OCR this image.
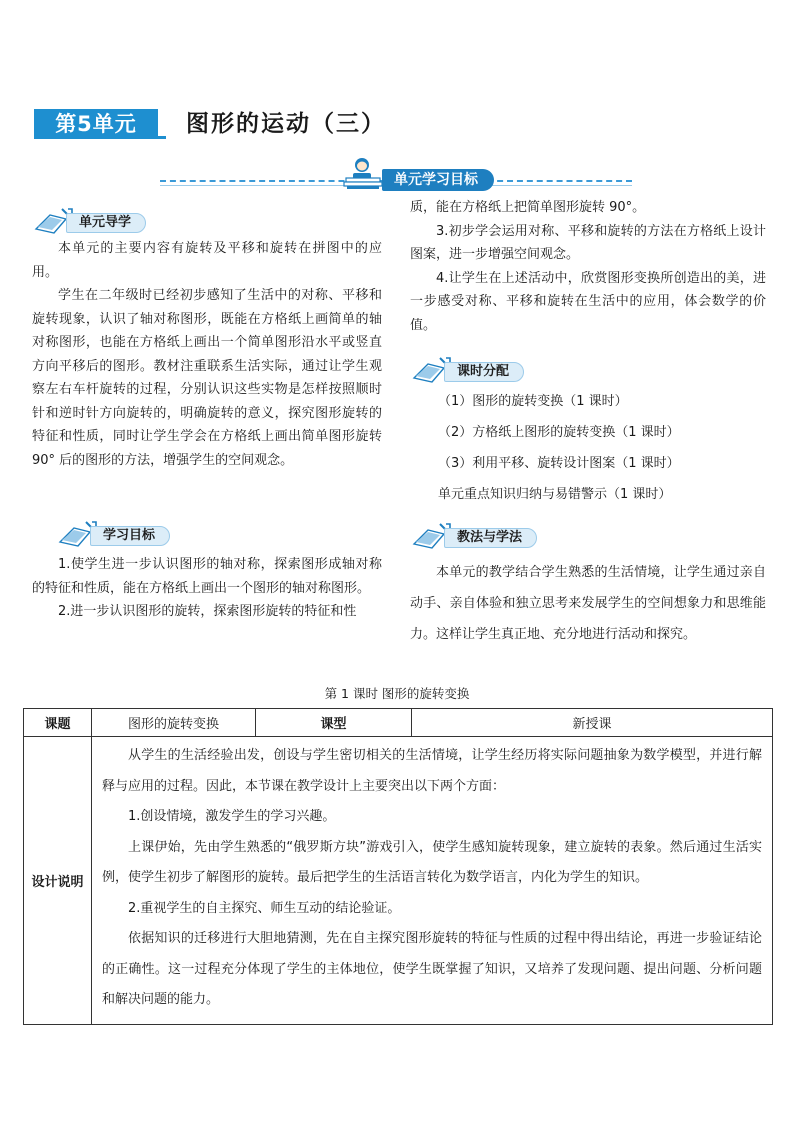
第5单元	图形的运动（三）
单元学习目标
单元导学

本单元的主要内容有旋转及平移和旋转在拼图中的应用。

学生在二年级时已经初步感知了生活中的对称、平移和旋转现象，认识了轴对称图形，既能在方格纸上画简单的轴对称图形，也能在方格纸上画出一个简单图形沿水平或竖直方向平移后的图形。教材注重联系生活实际，通过让学生观察左右车杆旋转的过程，分别认识这些实物是怎样按照顺时针和逆时针方向旋转的，明确旋转的意义，探究图形旋转的特征和性质，同时让学生学会在方格纸上画出简单图形旋转 90° 后的图形的方法，增强学生的空间观念。

学习目标

1.使学生进一步认识图形的轴对称，探索图形成轴对称的特征和性质，能在方格纸上画出一个图形的轴对称图形。

2.进一步认识图形的旋转，探索图形旋转的特征和性

质，能在方格纸上把简单图形旋转 90°。

3.初步学会运用对称、平移和旋转的方法在方格纸上设计图案，进一步增强空间观念。

4.让学生在上述活动中，欣赏图形变换所创造出的美，进一步感受对称、平移和旋转在生活中的应用，体会数学的价值。

课时分配
（1）图形的旋转变换（1 课时）
（2）方格纸上图形的旋转变换（1 课时）
（3）利用平移、旋转设计图案（1 课时）
单元重点知识归纳与易错警示（1 课时）
教法与学法

本单元的教学结合学生熟悉的生活情境，让学生通过亲自动手、亲自体验和独立思考来发展学生的空间想象力和思维能力。这样让学生真正地、充分地进行活动和探究。

第 1 课时 图形的旋转变换
课题	图形的旋转变换	课型	新授课
设计说明	从学生的生活经验出发，创设与学生密切相关的生活情境，让学生经历将实际问题抽象为数学模型，并进行解释与应用的过程。因此，本节课在教学设计上主要突出以下两个方面：

1.创设情境，激发学生的学习兴趣。

上课伊始，先由学生熟悉的“俄罗斯方块”游戏引入，使学生感知旋转现象，建立旋转的表象。然后通过生活实例，使学生初步了解图形的旋转。最后把学生的生活语言转化为数学语言，内化为学生的知识。

2.重视学生的自主探究、师生互动的结论验证。

依据知识的迁移进行大胆地猜测，先在自主探究图形旋转的特征与性质的过程中得出结论，再进一步验证结论的正确性。这一过程充分体现了学生的主体地位，使学生既掌握了知识，又培养了发现问题、提出问题、分析问题和解决问题的能力。		
